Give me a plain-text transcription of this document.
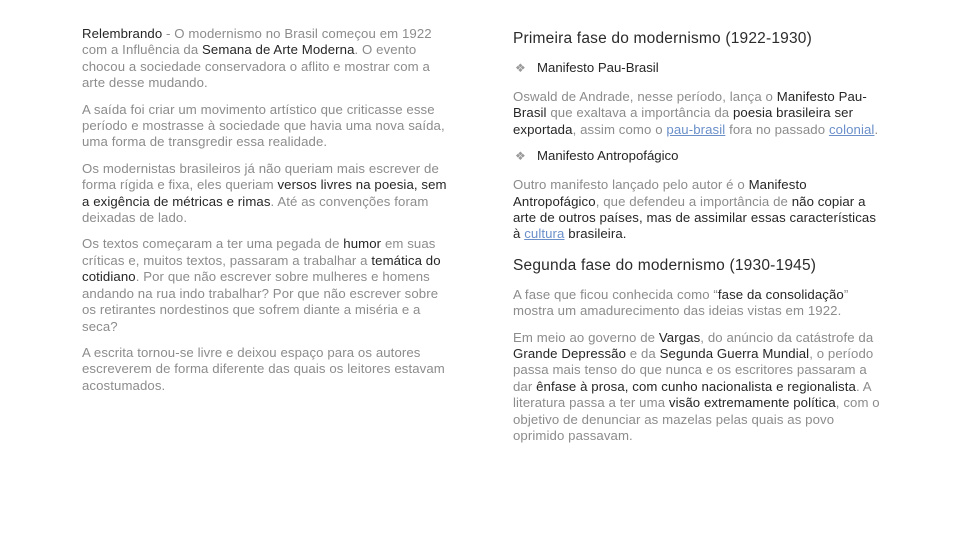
Relembrando - O modernismo no Brasil começou em 1922 com a Influência da Semana de Arte Moderna. O evento chocou a sociedade conservadora o aflito e mostrar com a arte desse mudando.

A saída foi criar um movimento artístico que criticasse esse período e mostrasse à sociedade que havia uma nova saída, uma forma de transgredir essa realidade.

Os modernistas brasileiros já não queriam mais escrever de forma rígida e fixa, eles queriam versos livres na poesia, sem a exigência de métricas e rimas. Até as convenções foram deixadas de lado.

Os textos começaram a ter uma pegada de humor em suas críticas e, muitos textos, passaram a trabalhar a temática do cotidiano. Por que não escrever sobre mulheres e homens andando na rua indo trabalhar? Por que não escrever sobre os retirantes nordestinos que sofrem diante a miséria e a seca?

A escrita tornou-se livre e deixou espaço para os autores escreverem de forma diferente das quais os leitores estavam acostumados.

Primeira fase do modernismo (1922-1930)
❖ Manifesto Pau-Brasil

Oswald de Andrade, nesse período, lança o Manifesto Pau-Brasil que exaltava a importância da poesia brasileira ser exportada, assim como o pau-brasil fora no passado colonial.

❖ Manifesto Antropofágico

Outro manifesto lançado pelo autor é o Manifesto Antropofágico, que defendeu a importância de não copiar a arte de outros países, mas de assimilar essas características à cultura brasileira.

Segunda fase do modernismo (1930-1945)

A fase que ficou conhecida como “fase da consolidação” mostra um amadurecimento das ideias vistas em 1922.

Em meio ao governo de Vargas, do anúncio da catástrofe da Grande Depressão e da Segunda Guerra Mundial, o período passa mais tenso do que nunca e os escritores passaram a dar ênfase à prosa, com cunho nacionalista e regionalista. A literatura passa a ter uma visão extremamente política, com o objetivo de denunciar as mazelas pelas quais as povo oprimido passavam.
